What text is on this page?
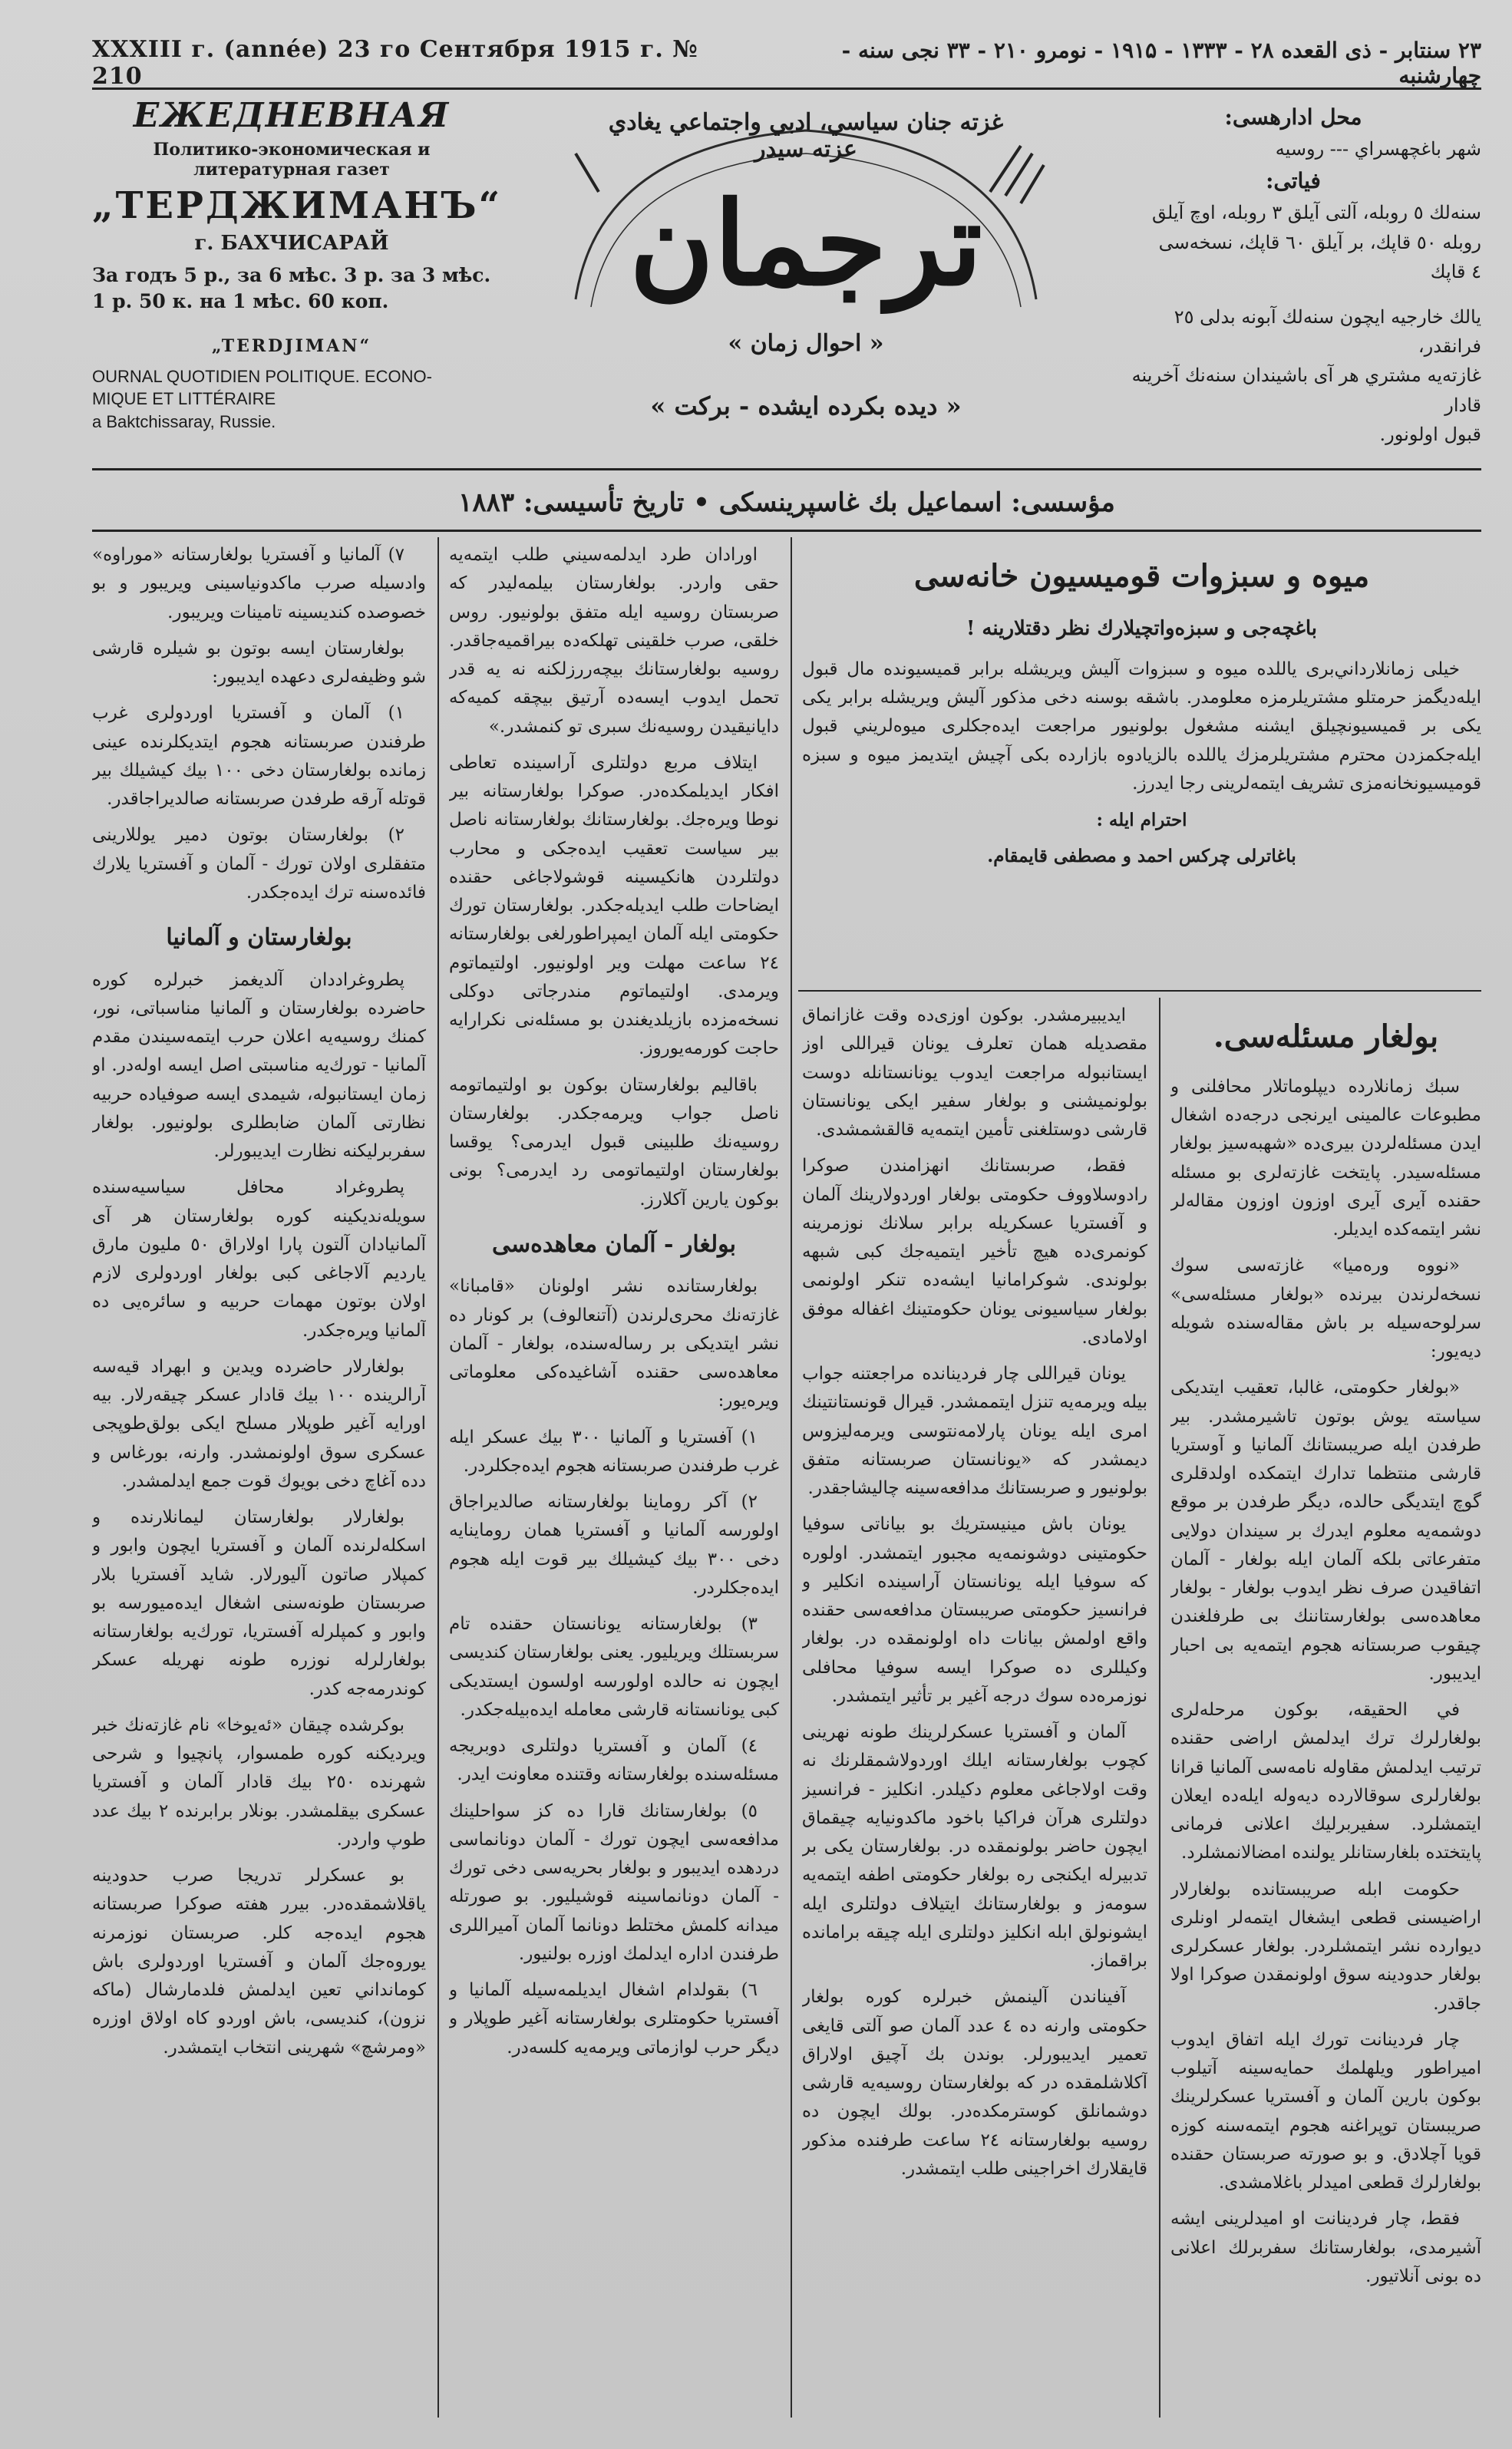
XXXIII г. (année) 23 го Сентября 1915 г. № 210
۲۳ سنتابر - ذی القعده ۲۸ - ۱۳۳۳ - ۱۹۱۵ - نومرو ۲۱۰ - ۳۳ نجی سنه - چهارشنبه
ЕЖЕДНЕВНАЯ
Политико-экономическая и литературная газет
„ТЕРДЖИМАНЪ“
г. БАХЧИСАРАЙ
За годъ 5 р., за 6 мѣс. 3 р. за 3 мѣс.
1 р. 50 к. на 1 мѣс. 60 коп.
„TERDJIMAN“
OURNAL QUOTIDIEN POLITIQUE. ECONO-
MIQUE ET LITTÉRAIRE
a Baktchissaray, Russie.
غزته جنان سياسي، ادبي واجتماعي يغادي عزته سيدر
ترجمان
« احوال زمان »
« ديده بكرده ايشده - بركت »
محل ادارهسی:
شهر باغچهسراي --- روسيه
فياتى:
سنه‌لك ٥ روبله، آلتى آيلق ٣ روبله، اوچ آيلق
روبله ٥٠ قاپك، بر آيلق ٦٠ قاپك، نسخه‌سى
٤ قاپك
يالك خارجيه ايچون سنه‌لك آبونه بدلى ٢٥ فرانقدر،
غازته‌يه مشتري هر آى باشيندان سنه‌نك آخرينه قادار
قبول اولونور.
مؤسسى: اسماعيل بك غاسپرينسكى • تاريخ تأسيسى: ١٨٨٣
ميوه و سبزوات قوميسيون خانه‌سى
باغچه‌جى و سبزه‌واتچيلارك نظر دقتلارينه !

خيلى زمانلارداني‌برى ياللده ميوه و سبزوات آليش ويريشله برابر قميسيونده مال قبول ايله‌ديگمز حرمتلو مشتريلرمزه معلومدر. باشقه بوسنه دخى مذكور آليش ويريشله برابر يكى يكى بر قميسيونچيلق ايشنه مشغول بولونيور مراجعت ايده‌جكلرى ميوه‌لريني قبول ايله‌جكمزدن محترم مشتريلرمزك ياللده بالزيادوه بازارده بكى آچيش ايتديمز ميوه و سبزه قوميسيونخانه‌مزى تشريف ايتمه‌لرينى رجا ايدرز.

احترام ايله :
باغاترلى چركس احمد و مصطفى قايمقام.
بولغار مسئله‌سى.

سبك زمانلارده ديپلوماتلار محافلنى و مطبوعات عالمينى ايرنجى درجه‌ده اشغال ايدن مسئله‌لردن بيرى‌ده «شهبه‌سيز بولغار مسئله‌سيدر. پايتخت غازته‌لرى بو مسئله حقنده آيرى آيرى اوزون اوزون مقاله‌لر نشر ايتمه‌كده ايديلر.

«نووه وره‌ميا» غازته‌سى سوك نسخه‌لرندن بيرنده «بولغار مسئله‌سى» سرلوحه‌سيله بر باش مقاله‌سنده شويله ديه‌يور:

«بولغار حكومتى، غالبا، تعقيب ايتديكى سياسته يوش بوتون تاشيرمشدر. بير طرفدن ايله صريبستانك آلمانيا و آوستريا قارشى منتظما تدارك ايتمكده اولدقلرى گوچ ايتديگى حالده، ديگر طرفدن بر موقع دوشمه‌يه معلوم ايدرك بر سيندان دولايى متفرعاتى بلكه آلمان ايله بولغار - آلمان اتفاقيدن صرف نظر ايدوب بولغار - بولغار معاهده‌سى بولغارستاننك بى طرفلغندن چيقوب صربستانه هجوم ايتمه‌يه بى احبار ايديبور.

في الحقيقه، بوكون مرحله‌لرى بولغارلرك ترك ايدلمش اراضى حقنده ترتيب ايدلمش مقاوله نامه‌سى آلمانيا قرانا بولغارلرى سوقالارده ديه‌وله ايله‌ده ايعلان ايتمشلرد. سفيربرليك اعلانى فرمانى پايتختده بلغارستانلر يولنده امضالانمشلرد.

حكومت ابله صريبستانده بولغارلار اراضيسنى قطعى ايشغال ايتمه‌لر اونلرى ديوارده نشر ايتمشلردر. بولغار عسكرلرى بولغار حدودينه سوق اولونمقدن صوكرا اولا جاقدر.

چار فردينانت تورك ايله اتفاق ايدوب اميراطور ويلهلمك حمايه‌سينه آتيلوب بوكون بارين آلمان و آفستريا عسكرلرينك صريبستان توپراغنه هجوم ايتمه‌سنه كوزه قويا آچلادق. و بو صورته صربستان حقنده بولغارلرك قطعى اميدلر باغلامشدى.

فقط، چار فردينانت او اميدلرينى ايشه آشيرمدى، بولغارستانك سفربرلك اعلانى ده بونى آنلاتيور.

ايديبيرمشدر. بوكون اوزى‌ده وقت غازانماق مقصديله همان تعلرف يونان قيراللى اوز ايستانبوله مراجعت ايدوب يونانستانله دوست بولونميشنى و بولغار سفير ايكى يونانستان قارشى دوستلغنى تأمين ايتمه‌يه قالقشمشدى.

فقط، صربستانك انهزامندن صوكرا رادوسلاووف حكومتى بولغار اوردولارينك آلمان و آفستريا عسكريله برابر سلانك نوزمرينه كونمرى‌ده هيچ تأخير ايتميه‌جك كبى شبهه بولوندى. شوكرامانيا ايشه‌ده تنكر اولونمى بولغار سياسيونى يونان حكومتينك اغفاله موفق اولامادى.

يونان قيراللى چار فردينانده مراجعتنه جواب بيله ويرمه‌يه تنزل ايتممشدر. قيرال قونستانتينك امرى ايله يونان پارلامه‌نتوسى ويرمه‌ليزوس ديمشدر كه «يونانستان صربستانه متفق بولونيور و صربستانك مدافعه‌سينه چاليشاجقدر.

يونان باش مينيستريك بو بياناتى سوفيا حكومتينى دوشونمه‌يه مجبور ايتمشدر. اولوره كه سوفيا ايله يونانستان آراسينده انكلير و فرانسيز حكومتى صريبستان مدافعه‌سى حقنده واقع اولمش بيانات داه اولونمقده در. بولغار وكيللرى ده صوكرا ايسه سوفيا محافلى نوزمره‌ده سوك درجه آغير بر تأثير ايتمشدر.

آلمان و آفستريا عسكرلرينك طونه نهرينى كچوب بولغارستانه ايلك اوردولاشمقلرنك نه وقت اولاجاغى معلوم دكيلدر. انكليز - فرانسيز دولتلرى هرآن فراكيا باخود ماكدونيايه چيقماق ايچون حاضر بولونمقده در. بولغارستان يكى بر تدبيرله ايكنجى ره بولغار حكومتى اطفه ايتمه‌يه سومه‌ز و بولغارستانك ايتيلاف دولتلرى ايله ايشونولق ابله انكليز دولتلرى ايله چيقه برامانده براقماز.

آفيناندن آلينمش خبرلره كوره بولغار حكومتى وارنه ده ٤ عدد آلمان صو آلتى قايغى تعمير ايديبورلر. بوندن بك آچيق اولاراق آكلاشلمقده در كه بولغارستان روسيه‌يه قارشى دوشمانلق كوسترمكده‌در. بولك ايچون ده روسيه بولغارستانه ٢٤ ساعت طرفنده مذكور قايقلارك اخراجينى طلب ايتمشدر.

اورادان طرد ايدلمه‌سيني طلب ايتمه‌يه حقى واردر. بولغارستان بيلمه‌ليدر كه صربستان روسيه ايله متفق بولونيور. روس خلقى، صرب خلقينى تهلكه‌ده بيراقميه‌جاقدر. روسيه بولغارستانك بيچه‌ررزلكنه نه يه قدر تحمل ايدوب ايسه‌ده آرتيق بيچقه كميه‌كه دايانيقيدن روسيه‌نك سبرى تو كنمشدر.»

ايتلاف مربع دولتلرى آراسينده تعاطى افكار ايديلمكده‌در. صوكرا بولغارستانه بير نوطا ويره‌جك. بولغارستانك بولغارستانه ناصل بير سياست تعقيب ايده‌جكى و محارب دولتلردن هانكيسينه قوشولاجاغى حقنده ايضاحات طلب ايديله‌جكدر. بولغارستان تورك حكومتى ايله آلمان ايمپراطورلغى بولغارستانه ٢٤ ساعت مهلت وير اولونيور. اولتيماتوم ويرمدى. اولتيماتوم مندرجاتى دوكلى نسخه‌مزده بازيلديغندن بو مسئله‌نى نكرارايه حاجت كورمه‌يوروز.

باقاليم بولغارستان بوكون بو اولتيماتومه ناصل جواب ويرمه‌جكدر. بولغارستان روسيه‌نك طلبينى قبول ايدرمى؟ يوقسا بولغارستان اولتيماتومى رد ايدرمى؟ بونى بوكون يارين آكلارز.

بولغار - آلمان معاهده‌سى

بولغارستانده نشر اولونان «قامبانا» غازته‌نك محرى‌لرندن (آتنعالوف) بر كونار ده نشر ايتديكى بر رساله‌سنده، بولغار - آلمان معاهده‌سى حقنده آشاغيده‌كى معلوماتى ويره‌يور:

١) آفستريا و آلمانيا ٣٠٠ بيك عسكر ايله غرب طرفندن صربستانه هجوم ايده‌جكلردر.

٢) آكر روماينا بولغارستانه صالديراجاق اولورسه آلمانيا و آفستريا همان روماينا‌يه دخى ٣٠٠ بيك كيشيلك بير قوت ايله هجوم ايده‌جكلردر.

٣) بولغارستانه يونانستان حقنده تام سربستلك ويريليور. يعنى بولغارستان كنديسى ايچون نه حالده اولورسه اولسون ايستديكى كبى يونانستانه قارشى معامله ايده‌بيله‌جكدر.

٤) آلمان و آفستريا دولتلرى دوبريجه مسئله‌سنده بولغارستانه وقتنده معاونت ايدر.

٥) بولغارستانك قارا ده كز سواحلينك مدافعه‌سى ايچون تورك - آلمان دونانماسى دردهده ايديبور و بولغار بحريه‌سى دخى تورك - آلمان دونانماسينه قوشيليور. بو صورتله ميدانه كلمش مختلط دونانما آلمان آميراللرى طرفندن اداره ايدلمك اوزره بولنيور.

٦) بقولدام اشغال ايديلمه‌سيله آلمانيا و آفستريا حكومتلرى بولغارستانه آغير طوپلار و ديگر حرب لوازماتى ويرمه‌يه كلسه‌در.

٧) آلمانيا و آفستريا بولغارستانه «موراوه» وادسيله صرب ماكدونياسينى ويريبور و بو خصوصده كنديسينه تامينات ويريبور.

بولغارستان ايسه بوتون بو شيلره قارشى شو وظيفه‌لرى دعهده ايديبور:

١) آلمان و آفستريا اوردولرى غرب طرفندن صربستانه هجوم ايتديكلرنده عينى زمانده بولغارستان دخى ١٠٠ بيك كيشيلك بير قوتله آرقه طرفدن صربستانه صالديراجاقدر.

٢) بولغارستان بوتون دمير يوللارينى متفقلرى اولان تورك - آلمان و آفستريا يلارك فائده‌سنه ترك ايده‌جكدر.

بولغارستان و آلمانيا

پطروغراددان آلديغمز خبرلره كوره حاضرده بولغارستان و آلمانيا مناسباتى، نور، كمنك روسيه‌يه اعلان حرب ايتمه‌سيندن مقدم آلمانيا - تورك‌يه مناسبتى اصل ايسه اوله‌در. او زمان ايستانبوله، شيمدى ايسه صوفياده حربيه نظارتى آلمان ضابطلرى بولونيور. بولغار سفربرليكنه نظارت ايديبورلر.

پطروغراد محافل سياسيه‌سنده سويله‌نديكينه كوره بولغارستان هر آى آلمانيادان آلتون پارا اولاراق ٥٠ مليون مارق يارديم آلاجاغى كبى بولغار اوردولرى لازم اولان بوتون مهمات حربيه و سائره‌يى ده آلمانيا ويره‌جكدر.

بولغارلار حاضرده ويدين و ابهراد قيه‌سه آرالرينده ١٠٠ بيك قادار عسكر چيقه‌رلار. بيه اورايه آغير طوپلار مسلح ايكى بولق‌طوپجى عسكرى سوق اولونمشدر. وارنه، بورغاس و دده آغاچ دخى بويوك قوت جمع ايدلمشدر.

بولغارلار بولغارستان ليمانلارنده و اسكله‌لرنده آلمان و آفستريا ايچون وابور و كمپلار صاتون آليورلار. شايد آفستريا بلار صربستان طونه‌سنى اشغال ايده‌ميورسه بو وابور و كمپلرله آفستريا، تورك‌يه بولغارستانه بولغارلرله نوزره طونه نهريله عسكر كوندرمه‌جه كدر.

بوكرشده چيقان «ئه‌يوخا» نام غازته‌نك خبر ويرديكنه كوره طمسوار، پانچيوا و شرحى شهرنده ٢٥٠ بيك قادار آلمان و آفستريا عسكرى بيقلمشدر. بونلار برابرنده ٢ بيك عدد طوپ واردر.

بو عسكرلر تدريجا صرب حدودينه ياقلاشمقده‌در. بيرر هفته صوكرا صربستانه هجوم ايده‌جه كلر. صربستان نوزمرنه يوروه‌جك آلمان و آفستريا اوردولرى باش كومانداني تعين ايدلمش فلدمارشال (ماكه نزون)، كنديسى، باش اوردو كاه اولاق اوزره «ومرشچ» شهرينى انتخاب ايتمشدر.
